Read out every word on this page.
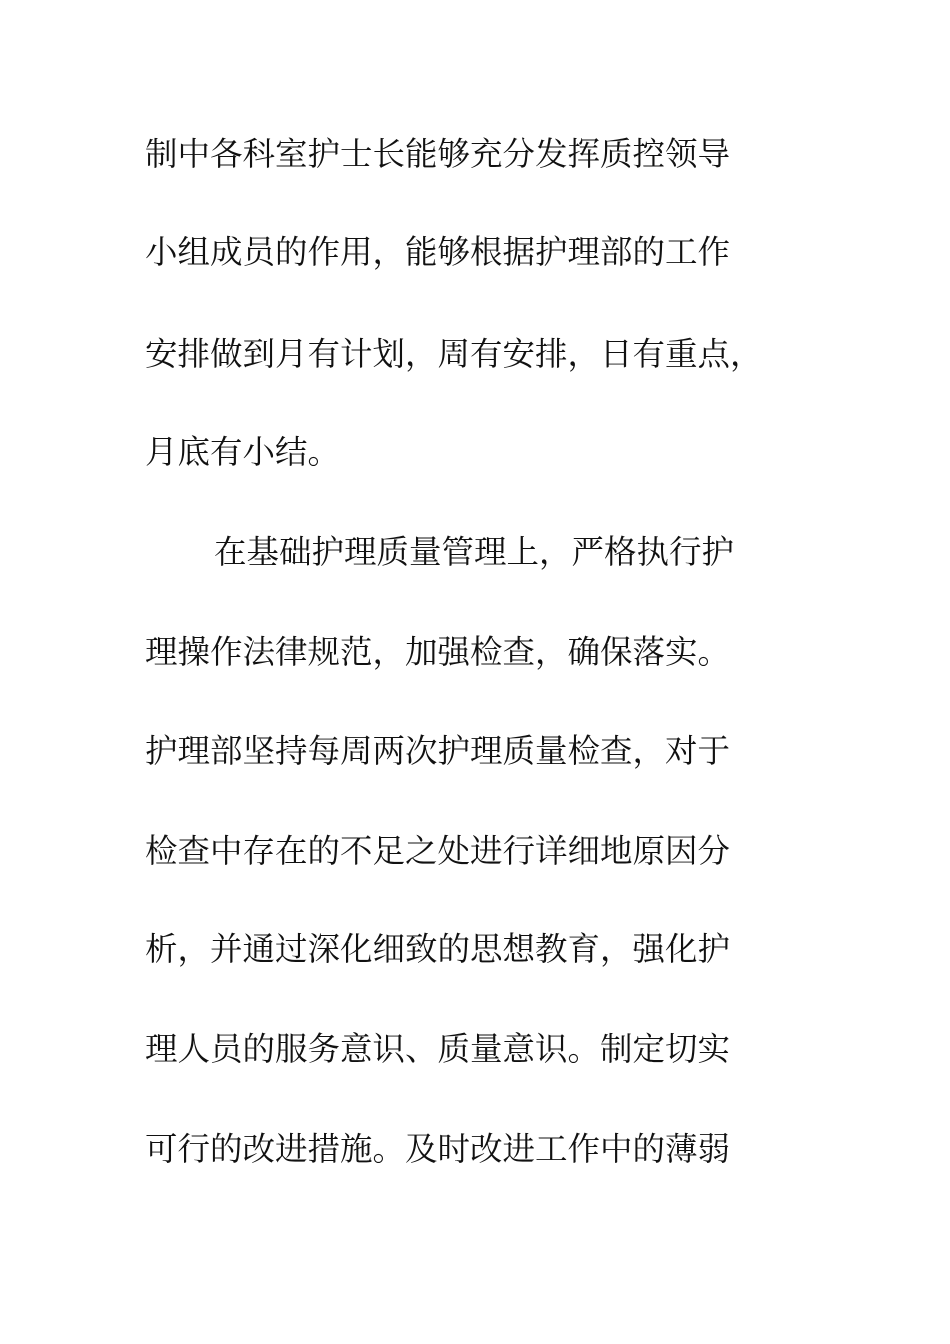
制中各科室护士长能够充分发挥质控领导
小组成员的作用，能够根据护理部的工作
安排做到月有计划，周有安排，日有重点，
月底有小结。
在基础护理质量管理上，严格执行护
理操作法律规范，加强检查，确保落实。
护理部坚持每周两次护理质量检查，对于
检查中存在的不足之处进行详细地原因分
析，并通过深化细致的思想教育，强化护
理人员的服务意识、质量意识。制定切实
可行的改进措施。及时改进工作中的薄弱
